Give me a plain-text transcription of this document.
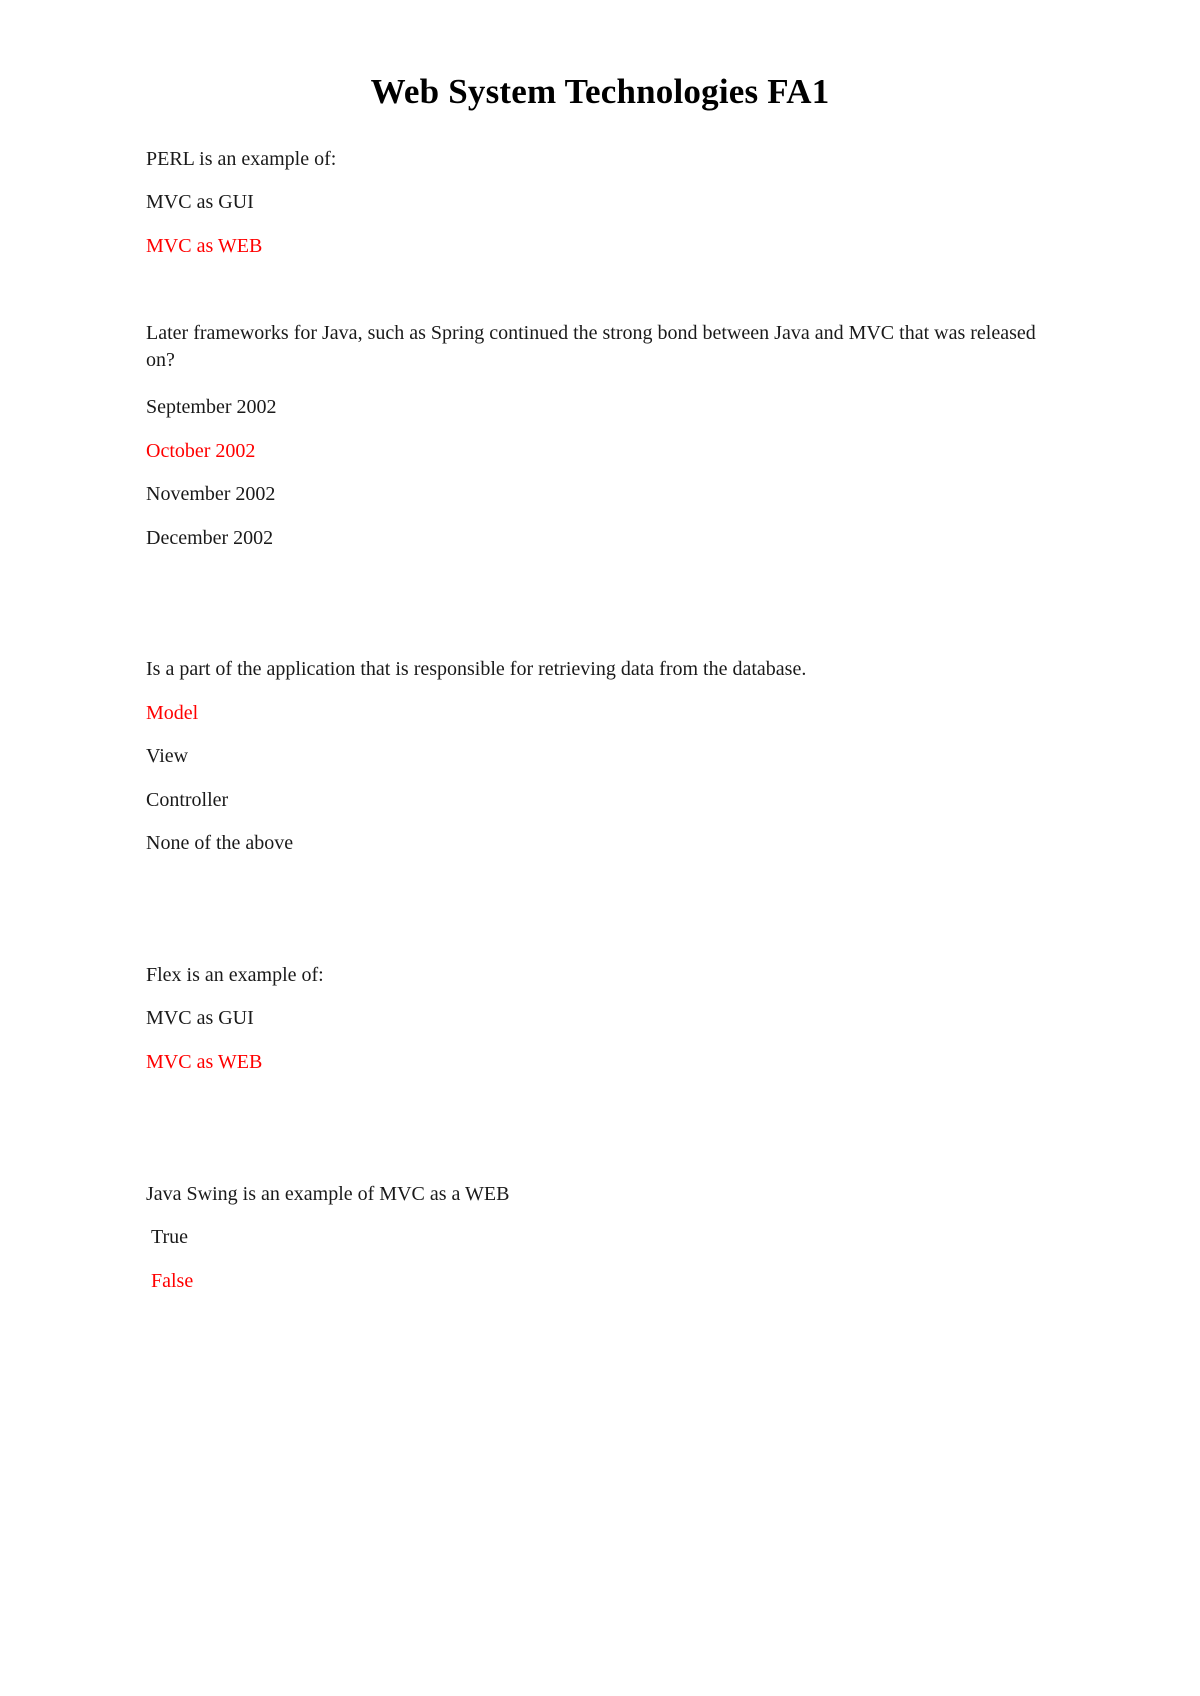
Web System Technologies FA1

PERL is an example of:

MVC as GUI

MVC as WEB

Later frameworks for Java, such as Spring continued the strong bond between Java and MVC that was released on?

September 2002

October 2002

November 2002

December 2002

Is a part of the application that is responsible for retrieving data from the database.

Model

View

Controller

None of the above

Flex is an example of:

MVC as GUI

MVC as WEB

Java Swing is an example of MVC as a WEB

True

False
